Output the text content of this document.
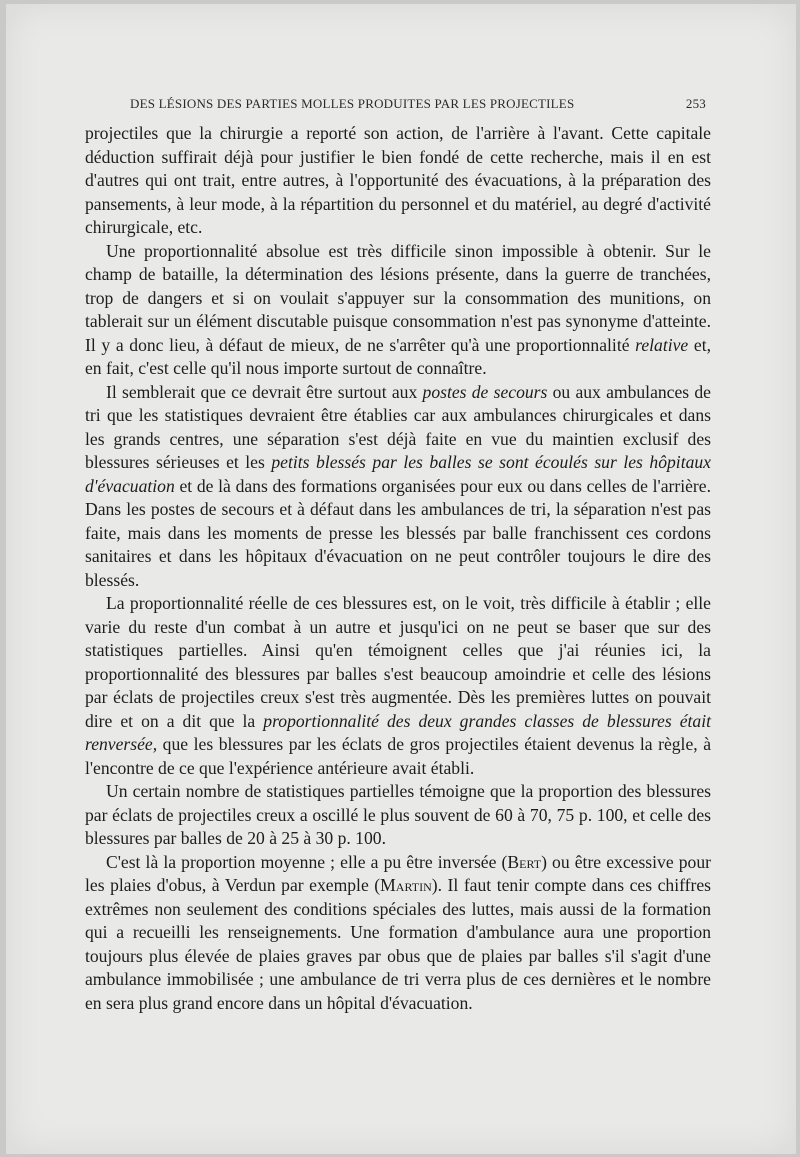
DES LÉSIONS DES PARTIES MOLLES PRODUITES PAR LES PROJECTILES	253

projectiles que la chirurgie a reporté son action, de l'arrière à l'avant. Cette capitale déduction suffirait déjà pour justifier le bien fondé de cette recherche, mais il en est d'autres qui ont trait, entre autres, à l'opportunité des évacuations, à la préparation des pansements, à leur mode, à la répartition du personnel et du matériel, au degré d'activité chirurgicale, etc.

Une proportionnalité absolue est très difficile sinon impossible à obtenir. Sur le champ de bataille, la détermination des lésions présente, dans la guerre de tranchées, trop de dangers et si on voulait s'appuyer sur la consommation des munitions, on tablerait sur un élément discutable puisque consommation n'est pas synonyme d'atteinte. Il y a donc lieu, à défaut de mieux, de ne s'arrêter qu'à une proportionnalité relative et, en fait, c'est celle qu'il nous importe surtout de connaître.

Il semblerait que ce devrait être surtout aux postes de secours ou aux ambulances de tri que les statistiques devraient être établies car aux ambulances chirurgicales et dans les grands centres, une séparation s'est déjà faite en vue du maintien exclusif des blessures sérieuses et les petits blessés par les balles se sont écoulés sur les hôpitaux d'évacuation et de là dans des formations organisées pour eux ou dans celles de l'arrière. Dans les postes de secours et à défaut dans les ambulances de tri, la séparation n'est pas faite, mais dans les moments de presse les blessés par balle franchissent ces cordons sanitaires et dans les hôpitaux d'évacuation on ne peut contrôler toujours le dire des blessés.

La proportionnalité réelle de ces blessures est, on le voit, très difficile à établir ; elle varie du reste d'un combat à un autre et jusqu'ici on ne peut se baser que sur des statistiques partielles. Ainsi qu'en témoignent celles que j'ai réunies ici, la proportionnalité des blessures par balles s'est beaucoup amoindrie et celle des lésions par éclats de projectiles creux s'est très augmentée. Dès les premières luttes on pouvait dire et on a dit que la proportionnalité des deux grandes classes de blessures était renversée, que les blessures par les éclats de gros projectiles étaient devenus la règle, à l'encontre de ce que l'expérience antérieure avait établi.

Un certain nombre de statistiques partielles témoigne que la proportion des blessures par éclats de projectiles creux a oscillé le plus souvent de 60 à 70, 75 p. 100, et celle des blessures par balles de 20 à 25 à 30 p. 100.

C'est là la proportion moyenne ; elle a pu être inversée (Bert) ou être excessive pour les plaies d'obus, à Verdun par exemple (Martin). Il faut tenir compte dans ces chiffres extrêmes non seulement des conditions spéciales des luttes, mais aussi de la formation qui a recueilli les renseignements. Une formation d'ambulance aura une proportion toujours plus élevée de plaies graves par obus que de plaies par balles s'il s'agit d'une ambulance immobilisée ; une ambulance de tri verra plus de ces dernières et le nombre en sera plus grand encore dans un hôpital d'évacuation.
